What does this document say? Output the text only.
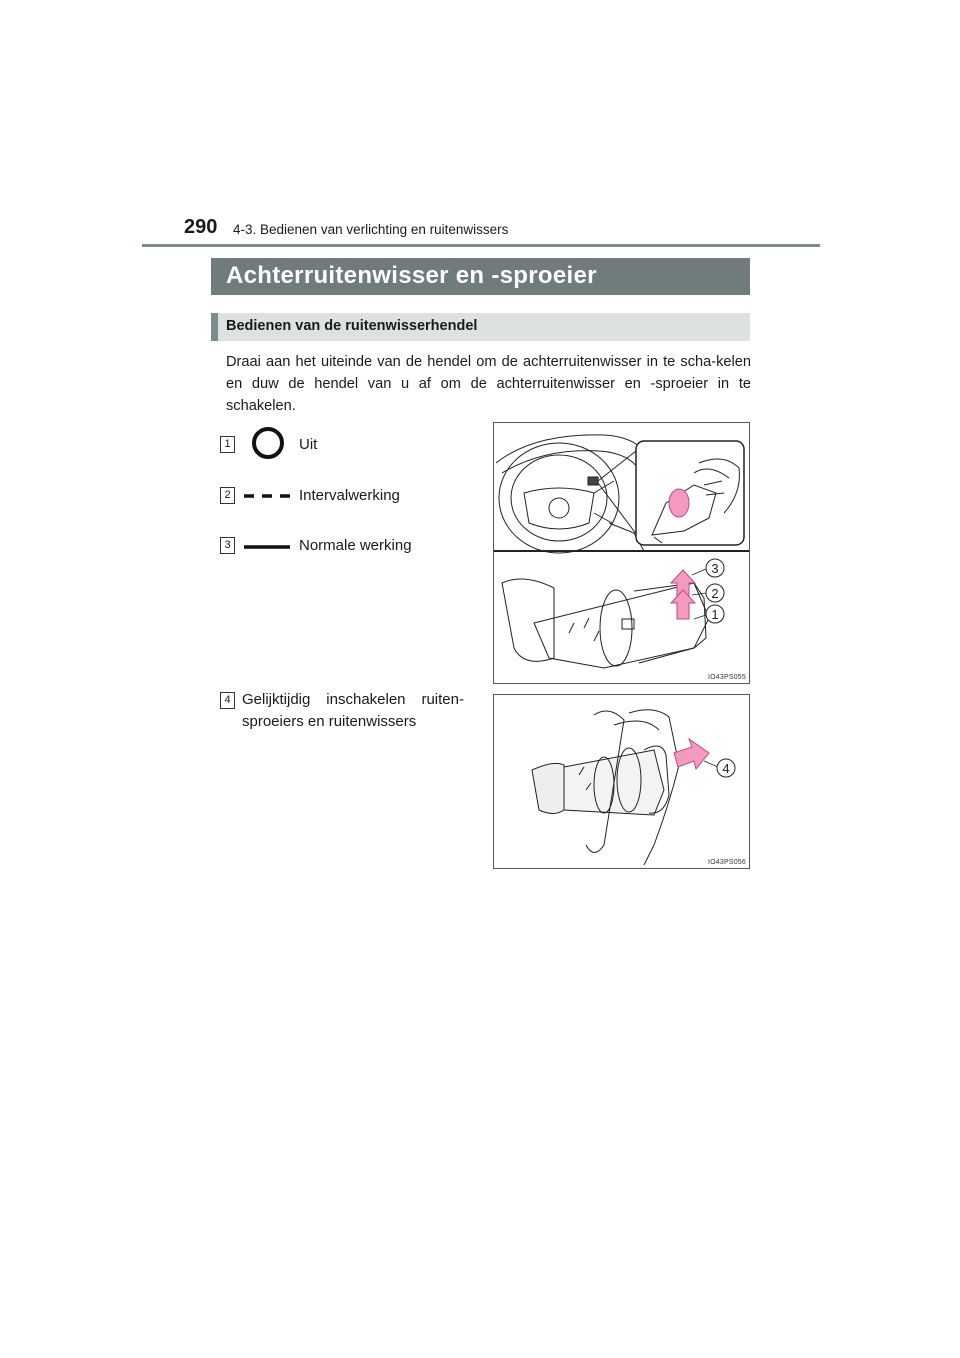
290 4-3. Bedienen van verlichting en ruitenwissers
Achterruitenwisser en -sproeier
Bedienen van de ruitenwisserhendel
Draai aan het uiteinde van de hendel om de achterruitenwisser in te scha-kelen en duw de hendel van u af om de achterruitenwisser en -sproeier in te schakelen.
1	Uit
2	Intervalwerking
3	Normale werking
4 Gelijktijdig inschakelen ruiten-sproeiers en ruitenwissers
3
2
1
IO43PS055
4
IO43PS056
